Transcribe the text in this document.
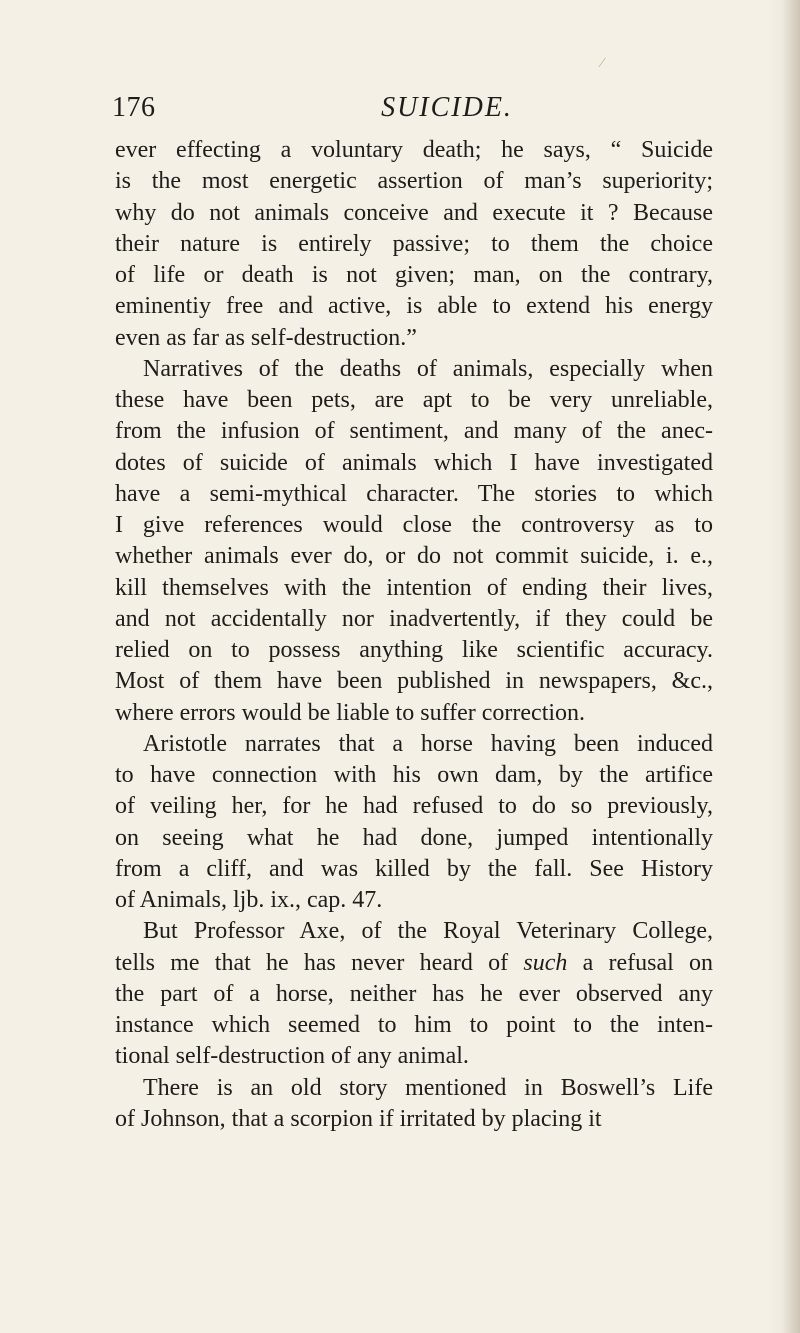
∕
176	SUICIDE.
ever effecting a voluntary death; he says, “ Suicide
is the most energetic assertion of man’s superiority;
why do not animals conceive and execute it ? Because
their nature is entirely passive; to them the choice
of life or death is not given; man, on the contrary,
eminentiy free and active, is able to extend his energy
even as far as self-destruction.”
Narratives of the deaths of animals, especially when
these have been pets, are apt to be very unreliable,
from the infusion of sentiment, and many of the anec-
dotes of suicide of animals which I have investigated
have a semi-mythical character. The stories to which
I give references would close the controversy as to
whether animals ever do, or do not commit suicide, i. e.,
kill themselves with the intention of ending their lives,
and not accidentally nor inadvertently, if they could be
relied on to possess anything like scientific accuracy.
Most of them have been published in newspapers, &c.,
where errors would be liable to suffer correction.
Aristotle narrates that a horse having been induced
to have connection with his own dam, by the artifice
of veiling her, for he had refused to do so previously,
on seeing what he had done, jumped intentionally
from a cliff, and was killed by the fall. See History
of Animals, ljb. ix., cap. 47.
But Professor Axe, of the Royal Veterinary College,
tells me that he has never heard of such a refusal on
the part of a horse, neither has he ever observed any
instance which seemed to him to point to the inten-
tional self-destruction of any animal.
There is an old story mentioned in Boswell’s Life
of Johnson, that a scorpion if irritated by placing it
